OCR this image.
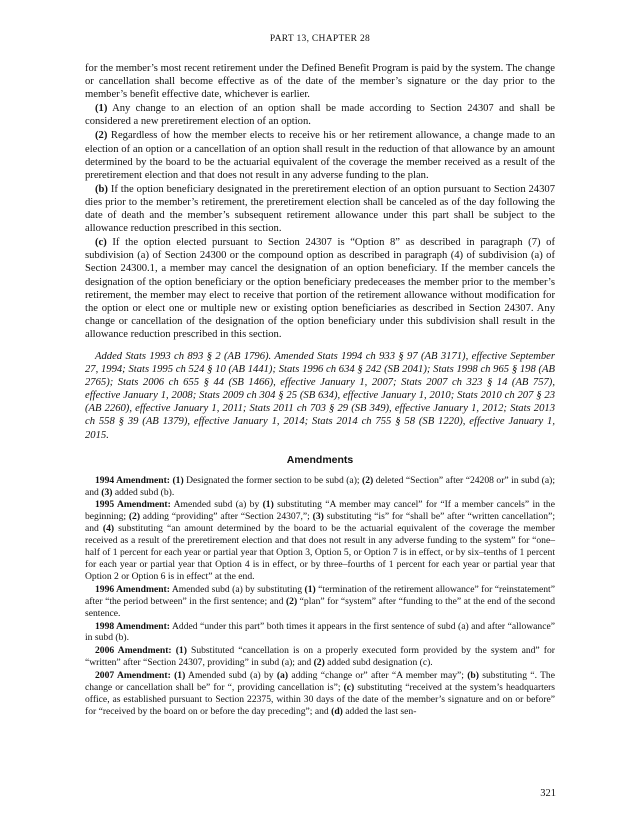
PART 13, CHAPTER 28

for the member’s most recent retirement under the Defined Benefit Program is paid by the system. The change or cancellation shall become effective as of the date of the member’s signature or the day prior to the member’s benefit effective date, whichever is earlier.

(1) Any change to an election of an option shall be made according to Section 24307 and shall be considered a new preretirement election of an option.

(2) Regardless of how the member elects to receive his or her retirement allowance, a change made to an election of an option or a cancellation of an option shall result in the reduction of that allowance by an amount determined by the board to be the actuarial equivalent of the coverage the member received as a result of the preretirement election and that does not result in any adverse funding to the plan.

(b) If the option beneficiary designated in the preretirement election of an option pursuant to Section 24307 dies prior to the member’s retirement, the preretirement election shall be canceled as of the day following the date of death and the member’s subsequent retirement allowance under this part shall be subject to the allowance reduction prescribed in this section.

(c) If the option elected pursuant to Section 24307 is “Option 8” as described in paragraph (7) of subdivision (a) of Section 24300 or the compound option as described in paragraph (4) of subdivision (a) of Section 24300.1, a member may cancel the designation of an option beneficiary. If the member cancels the designation of the option beneficiary or the option beneficiary predeceases the member prior to the member’s retirement, the member may elect to receive that portion of the retirement allowance without modification for the option or elect one or multiple new or existing option beneficiaries as described in Section 24307. Any change or cancellation of the designation of the option beneficiary under this subdivision shall result in the allowance reduction prescribed in this section.

Added Stats 1993 ch 893 § 2 (AB 1796). Amended Stats 1994 ch 933 § 97 (AB 3171), effective September 27, 1994; Stats 1995 ch 524 § 10 (AB 1441); Stats 1996 ch 634 § 242 (SB 2041); Stats 1998 ch 965 § 198 (AB 2765); Stats 2006 ch 655 § 44 (SB 1466), effective January 1, 2007; Stats 2007 ch 323 § 14 (AB 757), effective January 1, 2008; Stats 2009 ch 304 § 25 (SB 634), effective January 1, 2010; Stats 2010 ch 207 § 23 (AB 2260), effective January 1, 2011; Stats 2011 ch 703 § 29 (SB 349), effective January 1, 2012; Stats 2013 ch 558 § 39 (AB 1379), effective January 1, 2014; Stats 2014 ch 755 § 58 (SB 1220), effective January 1, 2015.

Amendments

1994 Amendment: (1) Designated the former section to be subd (a); (2) deleted “Section” after “24208 or” in subd (a); and (3) added subd (b).

1995 Amendment: Amended subd (a) by (1) substituting “A member may cancel” for “If a member cancels” in the beginning; (2) adding “providing” after “Section 24307,”; (3) substituting “is” for “shall be” after “written cancellation”; and (4) substituting “an amount determined by the board to be the actuarial equivalent of the coverage the member received as a result of the preretirement election and that does not result in any adverse funding to the system” for “one–half of 1 percent for each year or partial year that Option 3, Option 5, or Option 7 is in effect, or by six–tenths of 1 percent for each year or partial year that Option 4 is in effect, or by three–fourths of 1 percent for each year or partial year that Option 2 or Option 6 is in effect” at the end.

1996 Amendment: Amended subd (a) by substituting (1) “termination of the retirement allowance” for “reinstatement” after “the period between” in the first sentence; and (2) “plan” for “system” after “funding to the” at the end of the second sentence.

1998 Amendment: Added “under this part” both times it appears in the first sentence of subd (a) and after “allowance” in subd (b).

2006 Amendment: (1) Substituted “cancellation is on a properly executed form provided by the system and” for “written” after “Section 24307, providing” in subd (a); and (2) added subd designation (c).

2007 Amendment: (1) Amended subd (a) by (a) adding “change or” after “A member may”; (b) substituting “. The change or cancellation shall be” for “, providing cancellation is”; (c) substituting “received at the system’s headquarters office, as established pursuant to Section 22375, within 30 days of the date of the member’s signature and on or before” for “received by the board on or before the day preceding”; and (d) added the last sen-

321
